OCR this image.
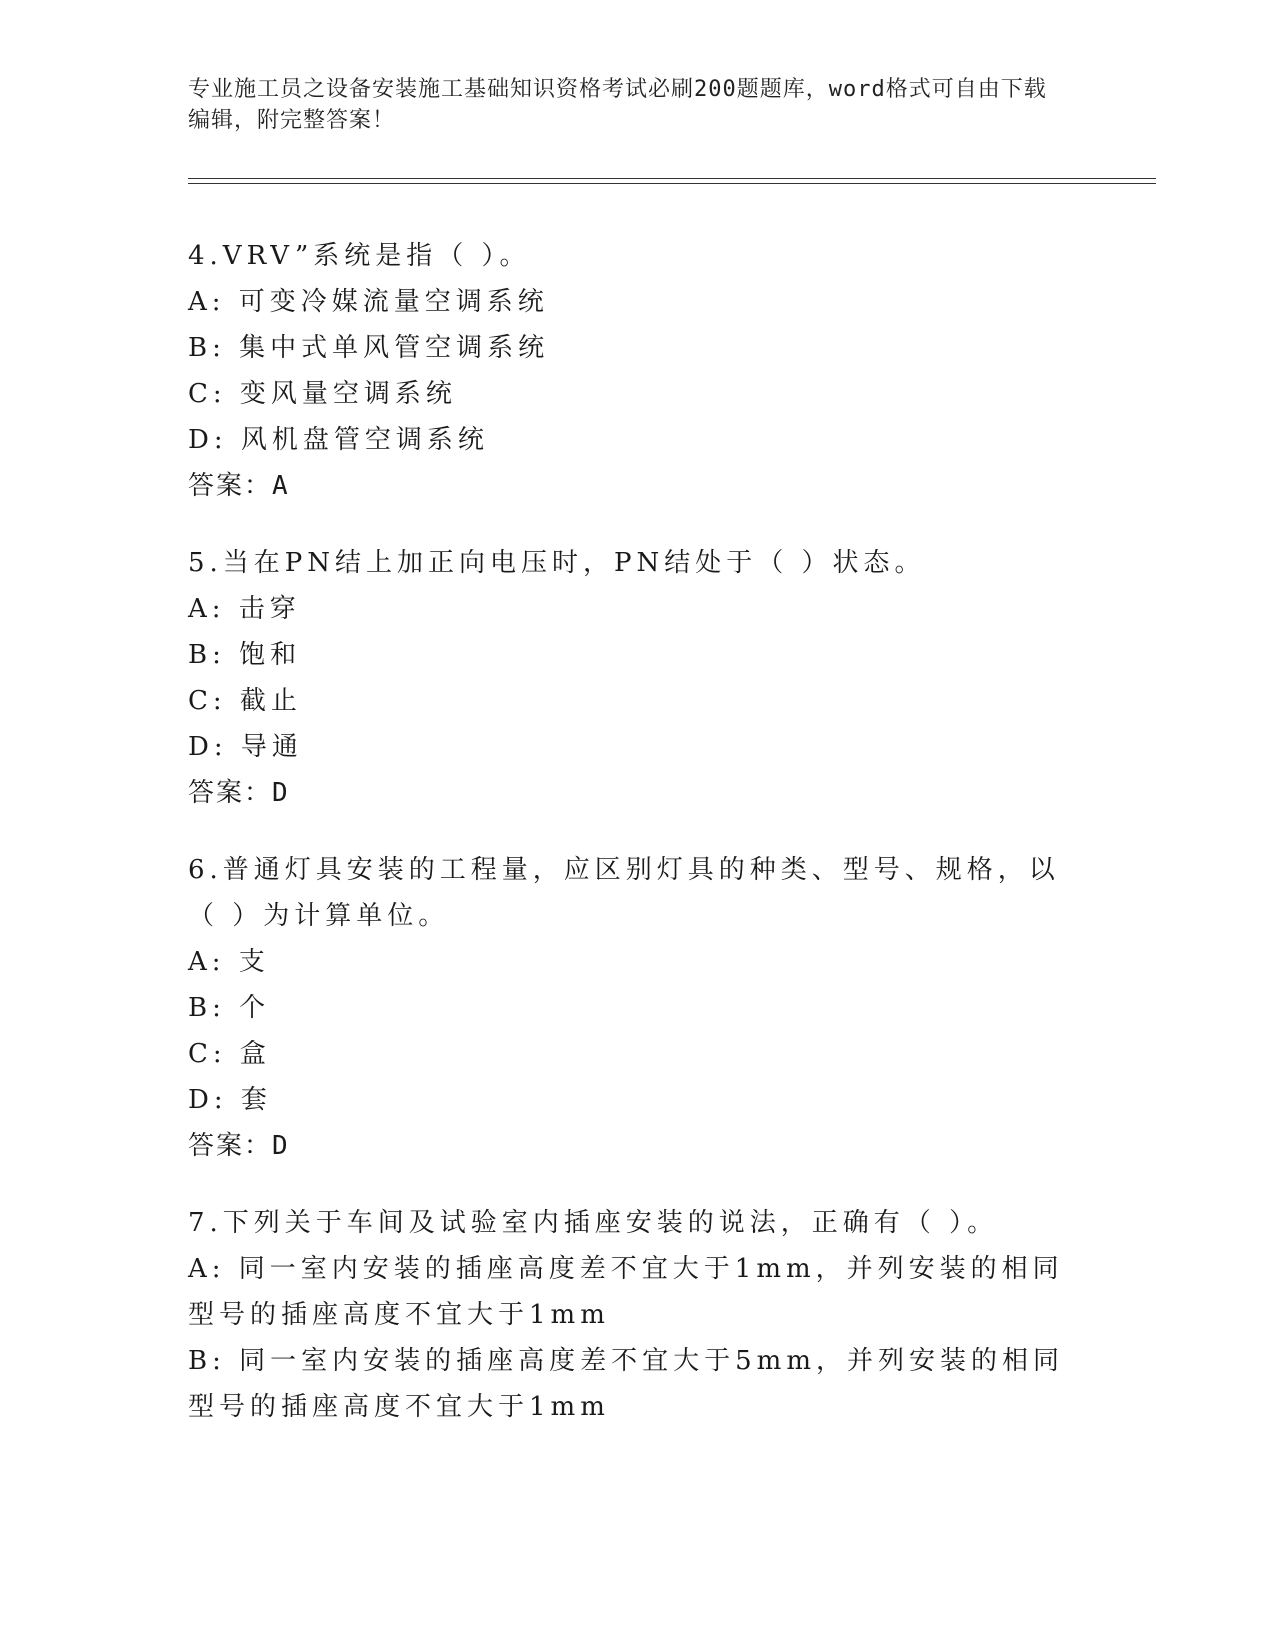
专业施工员之设备安装施工基础知识资格考试必刷200题题库，word格式可自由下载编辑，附完整答案！
4.VRV”系统是指（ ）。
A: 可变冷媒流量空调系统
B: 集中式单风管空调系统
C: 变风量空调系统
D: 风机盘管空调系统
答案：A
5.当在PN结上加正向电压时，PN结处于（ ）状态。
A: 击穿
B: 饱和
C: 截止
D: 导通
答案：D
6.普通灯具安装的工程量，应区别灯具的种类、型号、规格，以（ ）为计算单位。
A: 支
B: 个
C: 盒
D: 套
答案：D
7.下列关于车间及试验室内插座安装的说法，正确有（ ）。
A: 同一室内安装的插座高度差不宜大于1mm，并列安装的相同型号的插座高度不宜大于1mm
B: 同一室内安装的插座高度差不宜大于5mm，并列安装的相同型号的插座高度不宜大于1mm
